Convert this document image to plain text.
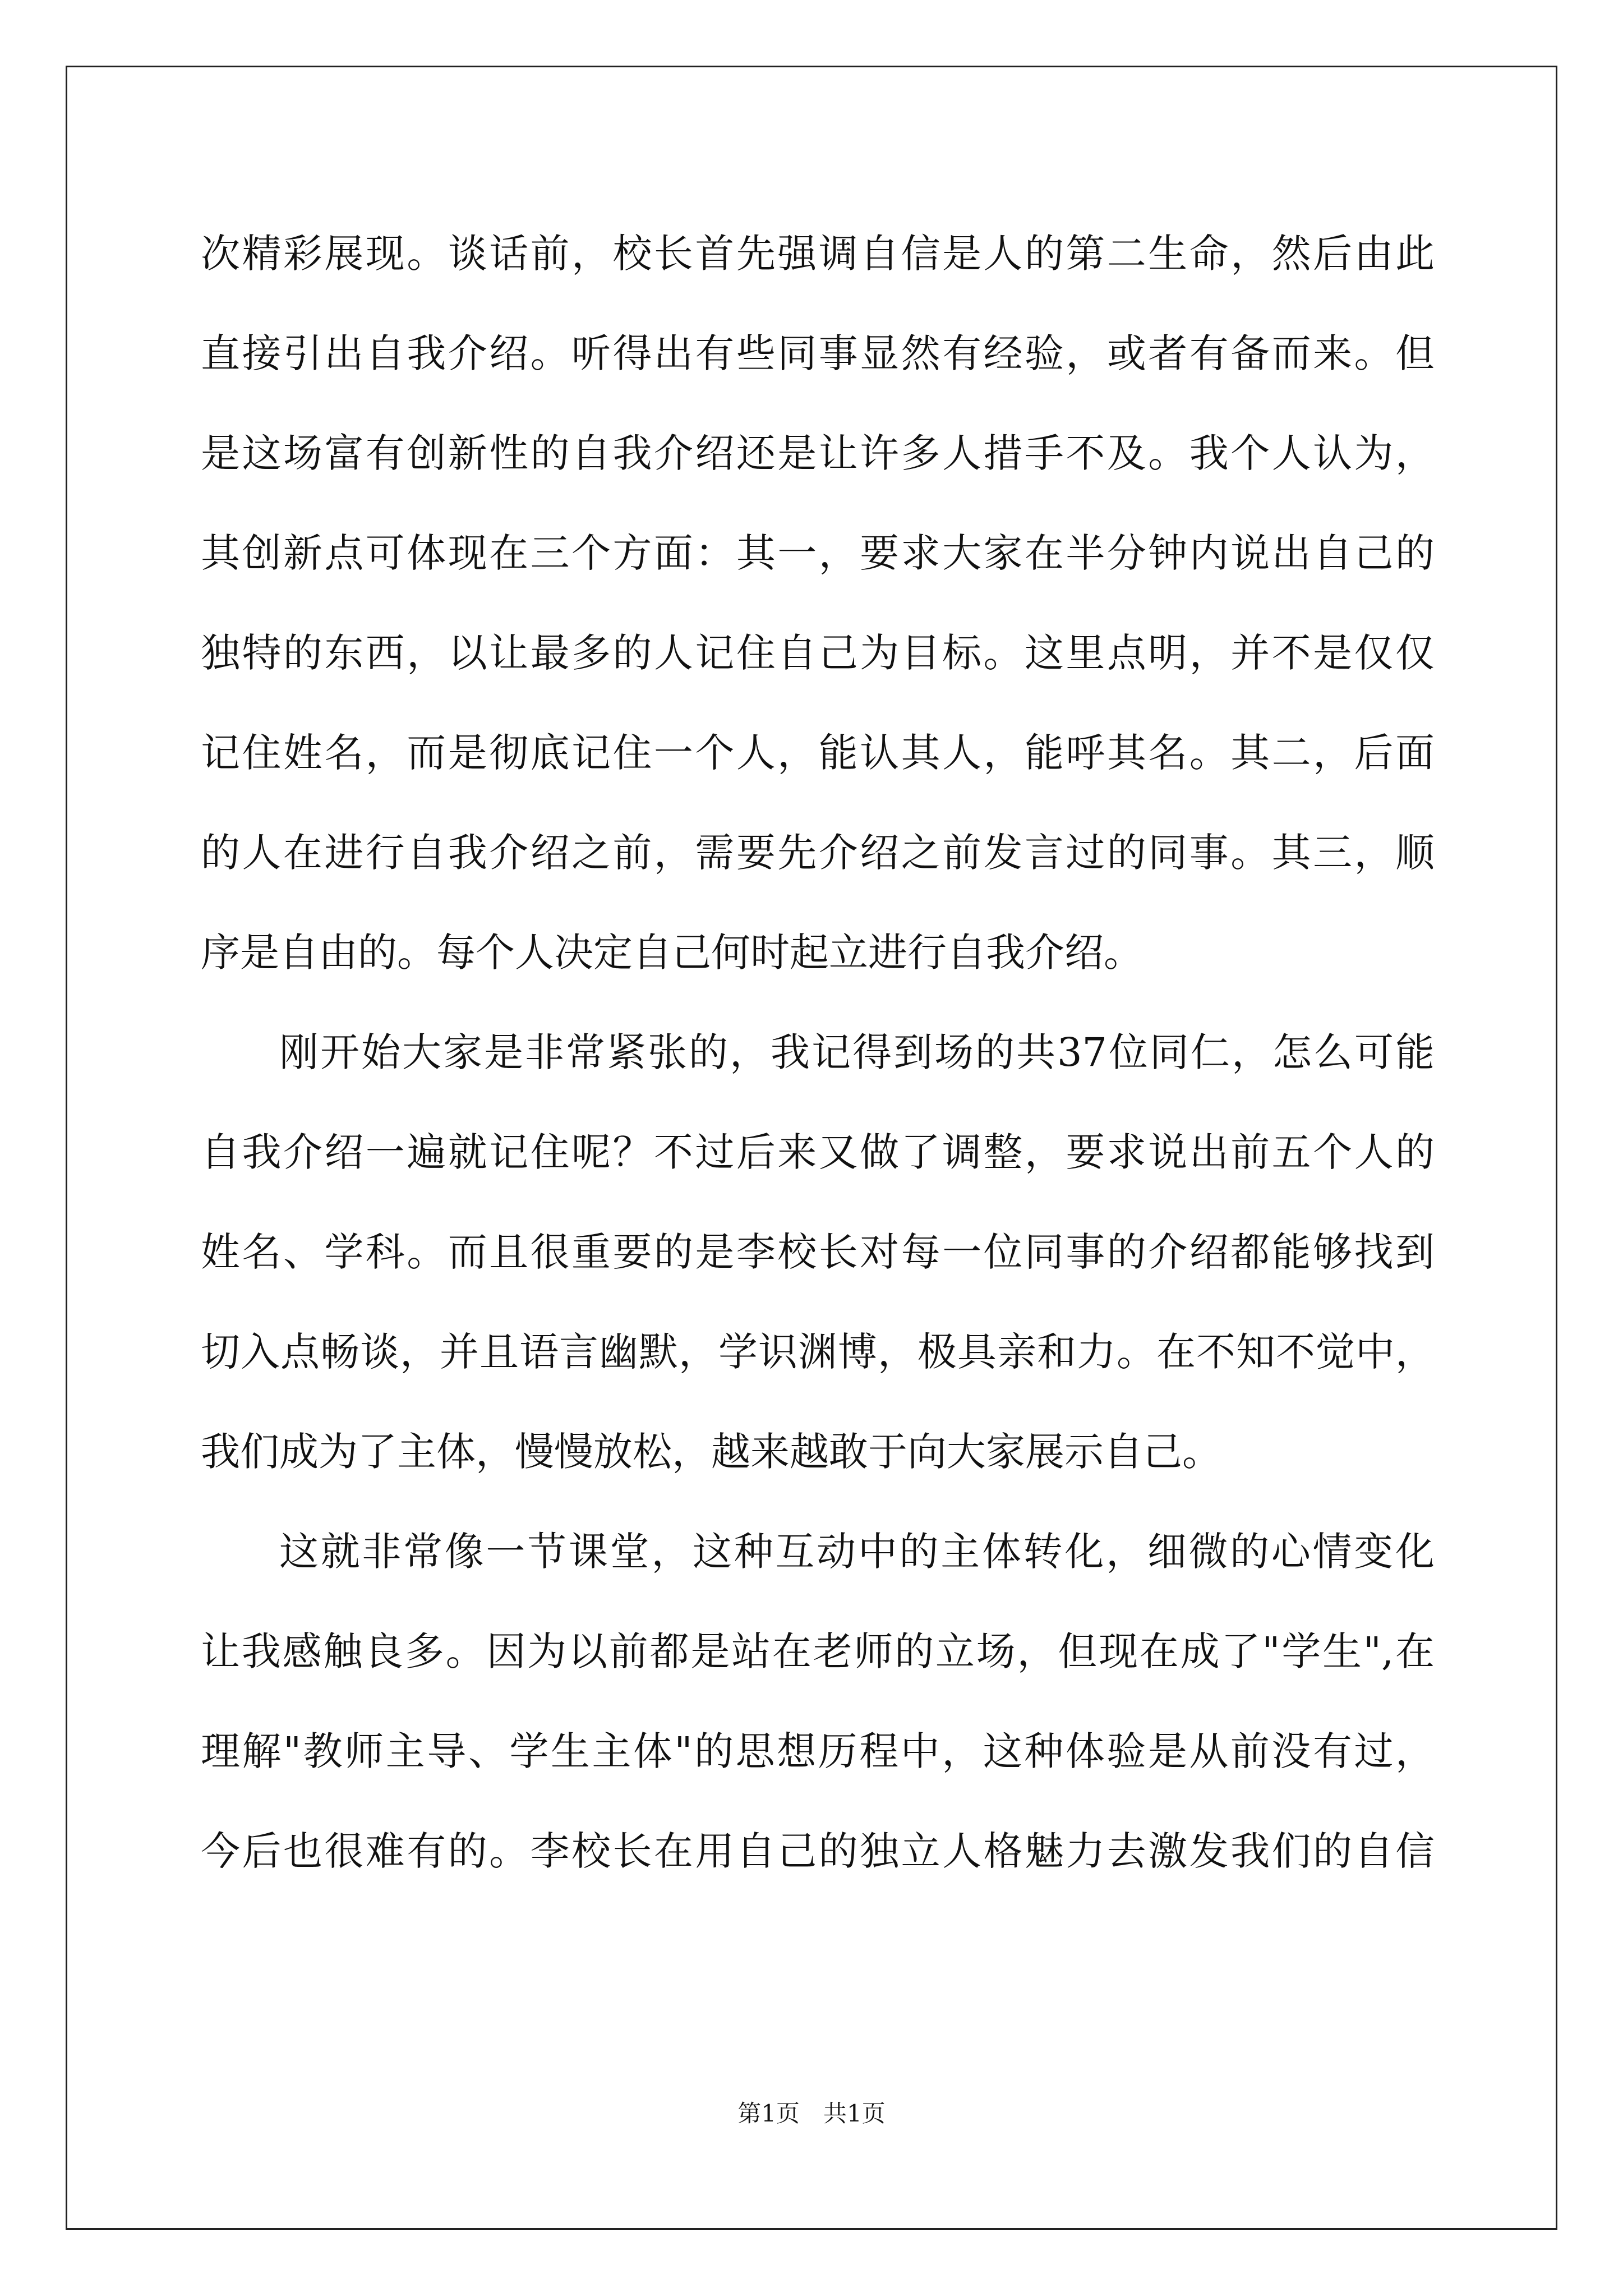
次精彩展现。谈话前，校长首先强调自信是人的第二生命，然后由此
直接引出自我介绍。听得出有些同事显然有经验，或者有备而来。但
是这场富有创新性的自我介绍还是让许多人措手不及。我个人认为，
其创新点可体现在三个方面：其一，要求大家在半分钟内说出自己的
独特的东西，以让最多的人记住自己为目标。这里点明，并不是仅仅
记住姓名，而是彻底记住一个人，能认其人，能呼其名。其二，后面
的人在进行自我介绍之前，需要先介绍之前发言过的同事。其三，顺
序是自由的。每个人决定自己何时起立进行自我介绍。
刚开始大家是非常紧张的，我记得到场的共37位同仁，怎么可能
自我介绍一遍就记住呢？不过后来又做了调整，要求说出前五个人的
姓名、学科。而且很重要的是李校长对每一位同事的介绍都能够找到
切入点畅谈，并且语言幽默，学识渊博，极具亲和力。在不知不觉中，
我们成为了主体，慢慢放松，越来越敢于向大家展示自己。
这就非常像一节课堂，这种互动中的主体转化，细微的心情变化
让我感触良多。因为以前都是站在老师的立场，但现在成了"学生",在
理解"教师主导、学生主体"的思想历程中，这种体验是从前没有过，
今后也很难有的。李校长在用自己的独立人格魅力去激发我们的自信
第1页　共1页
